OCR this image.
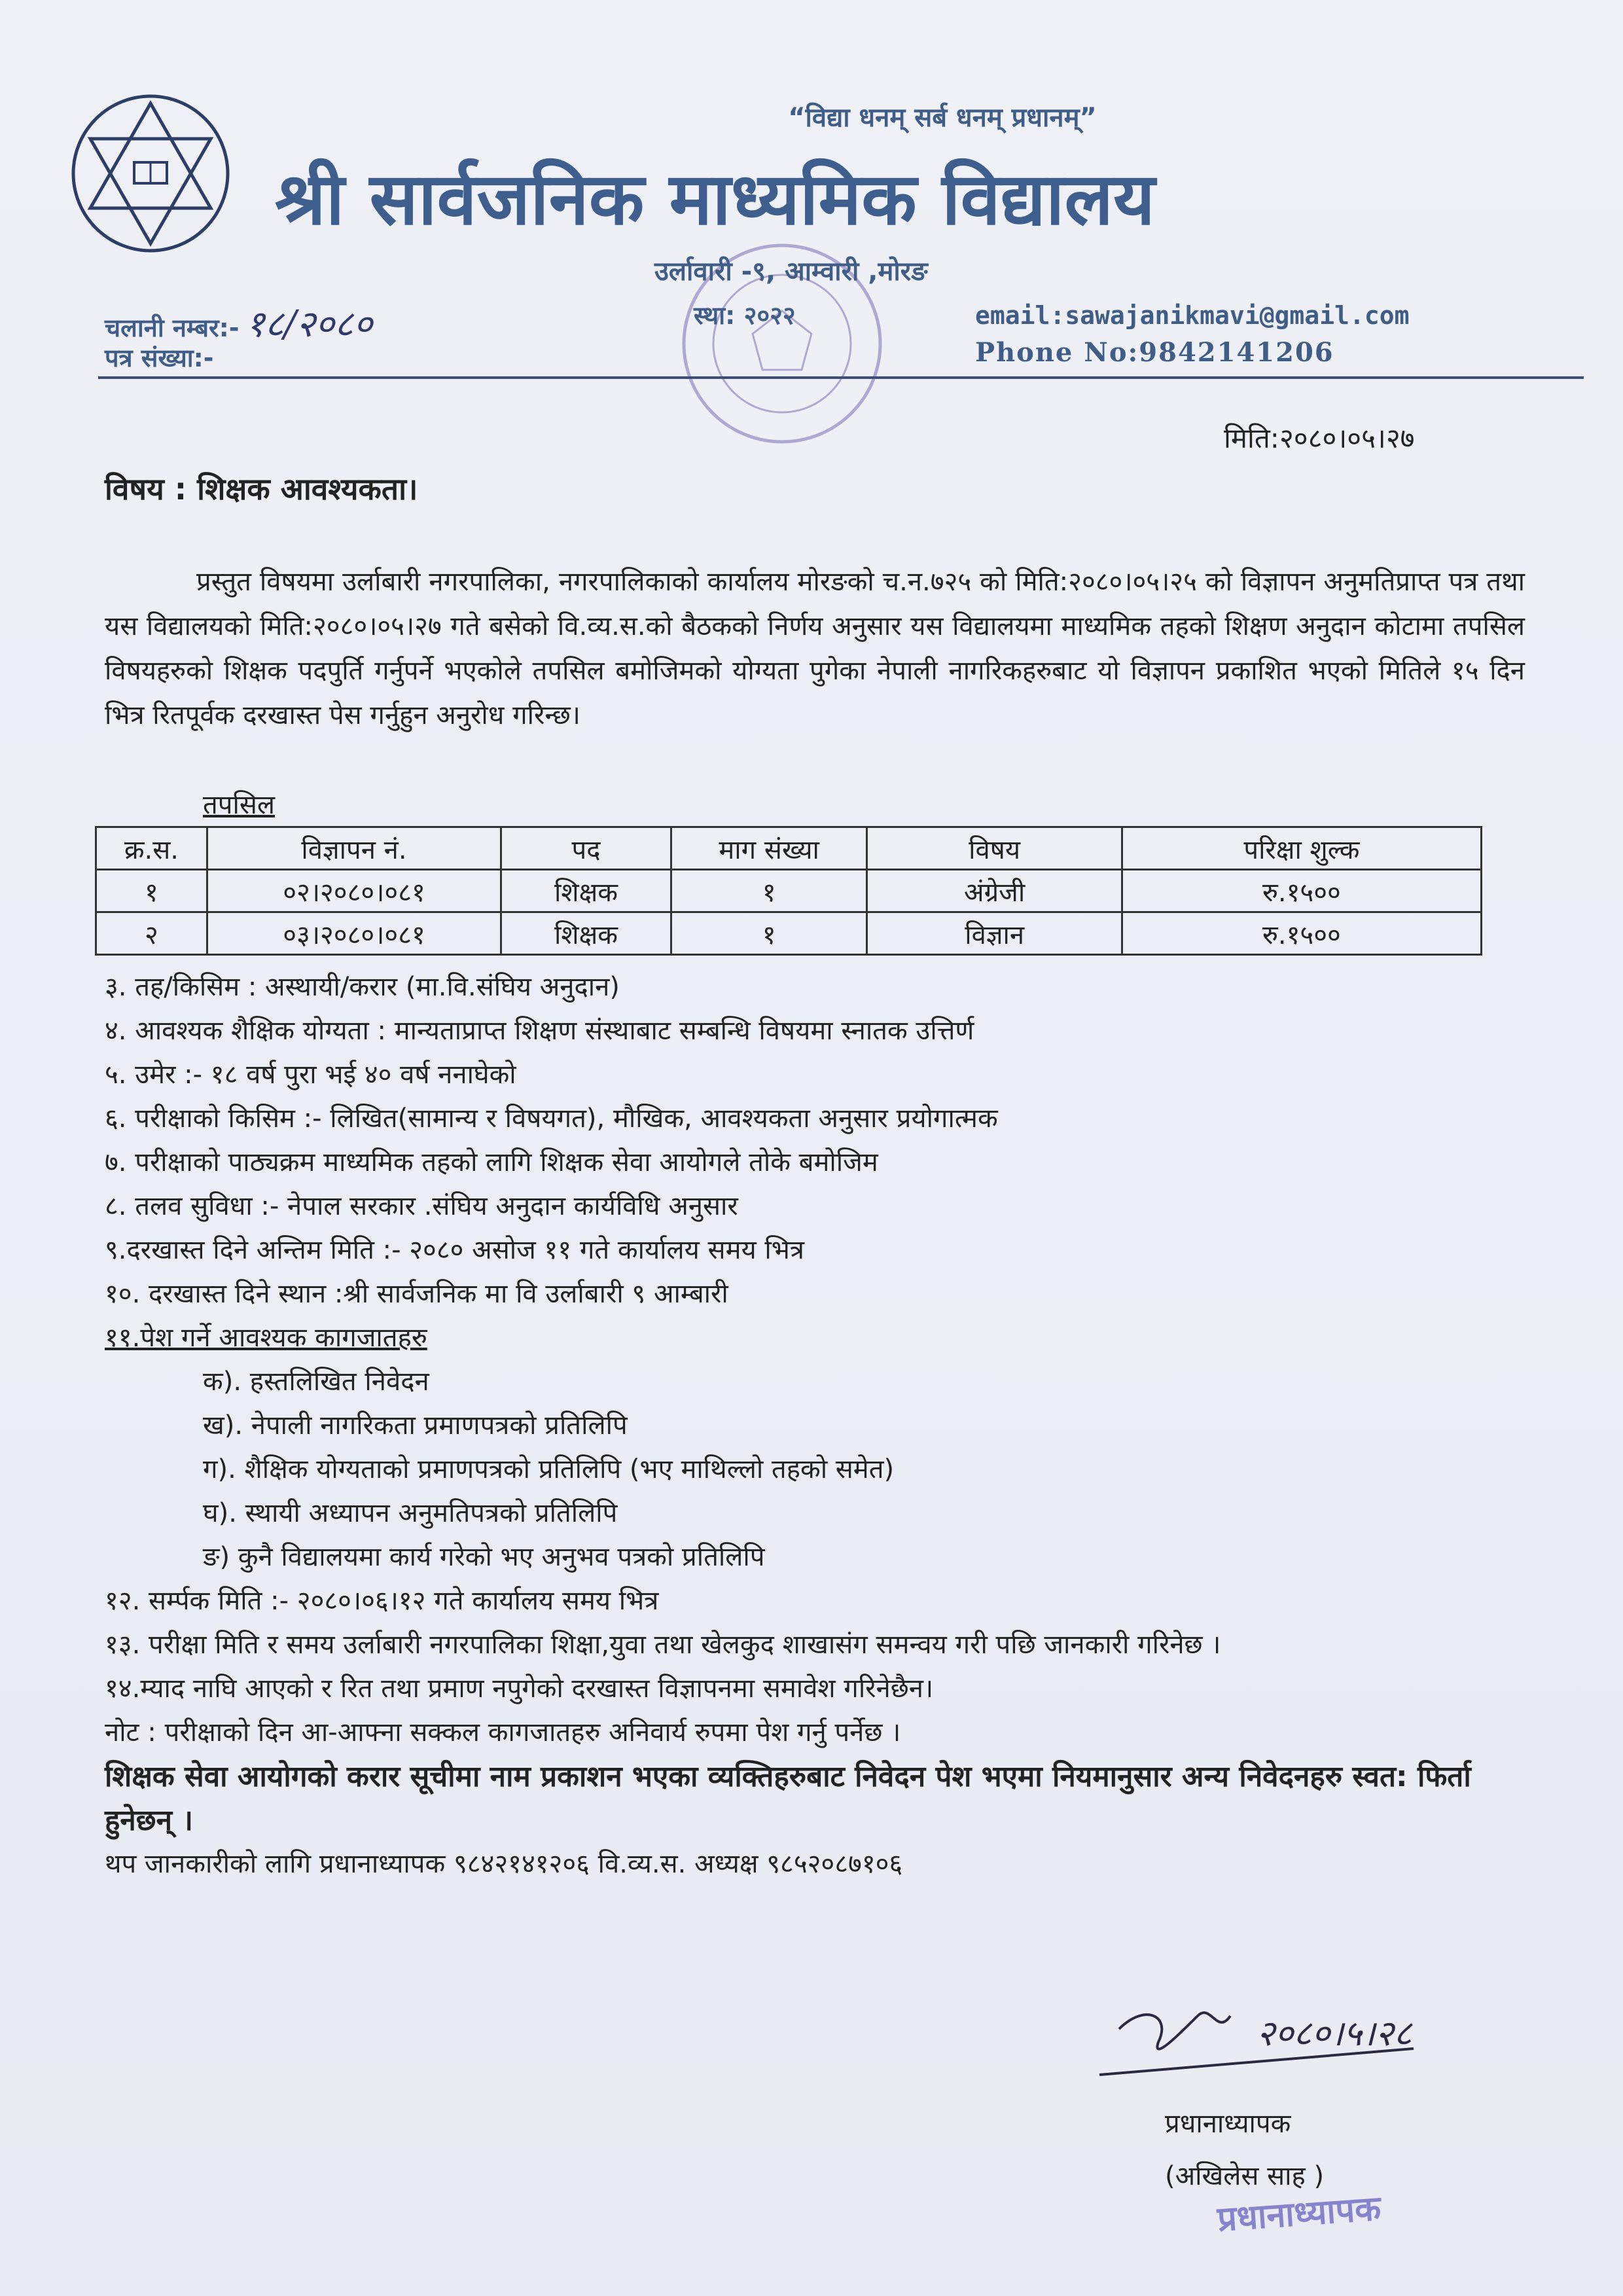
“विद्या धनम् सर्ब धनम् प्रधानम्”
श्री सार्वजनिक माध्यमिक विद्यालय
उर्लावारी -९, आम्वारी ,मोरङ
चलानी नम्बर:- १८/२०८०
पत्र संख्या:-
स्था: २०२२	email:sawajanikmavi@gmail.com
Phone No:9842141206
मिति:२०८०।०५।२७
विषय : शिक्षक आवश्यकता।
प्रस्तुत विषयमा उर्लाबारी नगरपालिका, नगरपालिकाको कार्यालय मोरङको च.न.७२५ को मिति:२०८०।०५।२५ को विज्ञापन अनुमतिप्राप्त पत्र तथा यस विद्यालयको मिति:२०८०।०५।२७ गते बसेको वि.व्य.स.को बैठकको निर्णय अनुसार यस विद्यालयमा माध्यमिक तहको शिक्षण अनुदान कोटामा तपसिल विषयहरुको शिक्षक पदपुर्ति गर्नुपर्ने भएकोले तपसिल बमोजिमको योग्यता पुगेका नेपाली नागरिकहरुबाट यो विज्ञापन प्रकाशित भएको मितिले १५ दिन भित्र रितपूर्वक दरखास्त पेस गर्नुहुन अनुरोध गरिन्छ।
तपसिल
क्र.स.	विज्ञापन नं.	पद	माग संख्या	विषय	परिक्षा शुल्क
१	०२।२०८०।०८१	शिक्षक	१	अंग्रेजी	रु.१५००
२	०३।२०८०।०८१	शिक्षक	१	विज्ञान	रु.१५००
३. तह/किसिम : अस्थायी/करार (मा.वि.संघिय अनुदान)
४. आवश्यक शैक्षिक योग्यता : मान्यताप्राप्त शिक्षण संस्थाबाट सम्बन्धि विषयमा स्नातक उत्तिर्ण
५. उमेर :- १८ वर्ष पुरा भई ४० वर्ष ननाघेको
६. परीक्षाको किसिम :- लिखित(सामान्य र विषयगत), मौखिक, आवश्यकता अनुसार प्रयोगात्मक
७. परीक्षाको पाठ्यक्रम माध्यमिक तहको लागि शिक्षक सेवा आयोगले तोके बमोजिम
८. तलव सुविधा :- नेपाल सरकार .संघिय अनुदान कार्यविधि अनुसार
९.दरखास्त दिने अन्तिम मिति :- २०८० असोज ११ गते कार्यालय समय भित्र
१०. दरखास्त दिने स्थान :श्री सार्वजनिक मा वि उर्लाबारी ९ आम्बारी
११.पेश गर्ने आवश्यक कागजातहरु
क). हस्तलिखित निवेदन
ख). नेपाली नागरिकता प्रमाणपत्रको प्रतिलिपि
ग). शैक्षिक योग्यताको प्रमाणपत्रको प्रतिलिपि (भए माथिल्लो तहको समेत)
घ). स्थायी अध्यापन अनुमतिपत्रको प्रतिलिपि
ङ) कुनै विद्यालयमा कार्य गरेको भए अनुभव पत्रको प्रतिलिपि
१२. सर्म्पक मिति :- २०८०।०६।१२ गते कार्यालय समय भित्र
१३. परीक्षा मिति र समय उर्लाबारी नगरपालिका शिक्षा,युवा तथा खेलकुद शाखासंग समन्वय गरी पछि जानकारी गरिनेछ ।
१४.म्याद नाघि आएको र रित तथा प्रमाण नपुगेको दरखास्त विज्ञापनमा समावेश गरिनेछैन।
नोट : परीक्षाको दिन आ-आफ्ना सक्कल कागजातहरु अनिवार्य रुपमा पेश गर्नु पर्नेछ ।
शिक्षक सेवा आयोगको करार सूचीमा नाम प्रकाशन भएका व्यक्तिहरुबाट निवेदन पेश भएमा नियमानुसार अन्य निवेदनहरु स्वत: फिर्ता हुनेछन् ।
थप जानकारीको लागि प्रधानाध्यापक ९८४२१४१२०६ वि.व्य.स. अध्यक्ष ९८५२०८७१०६
२०८०।५।२८
प्रधानाध्यापक
(अखिलेस साह )
प्रधानाध्यापक
